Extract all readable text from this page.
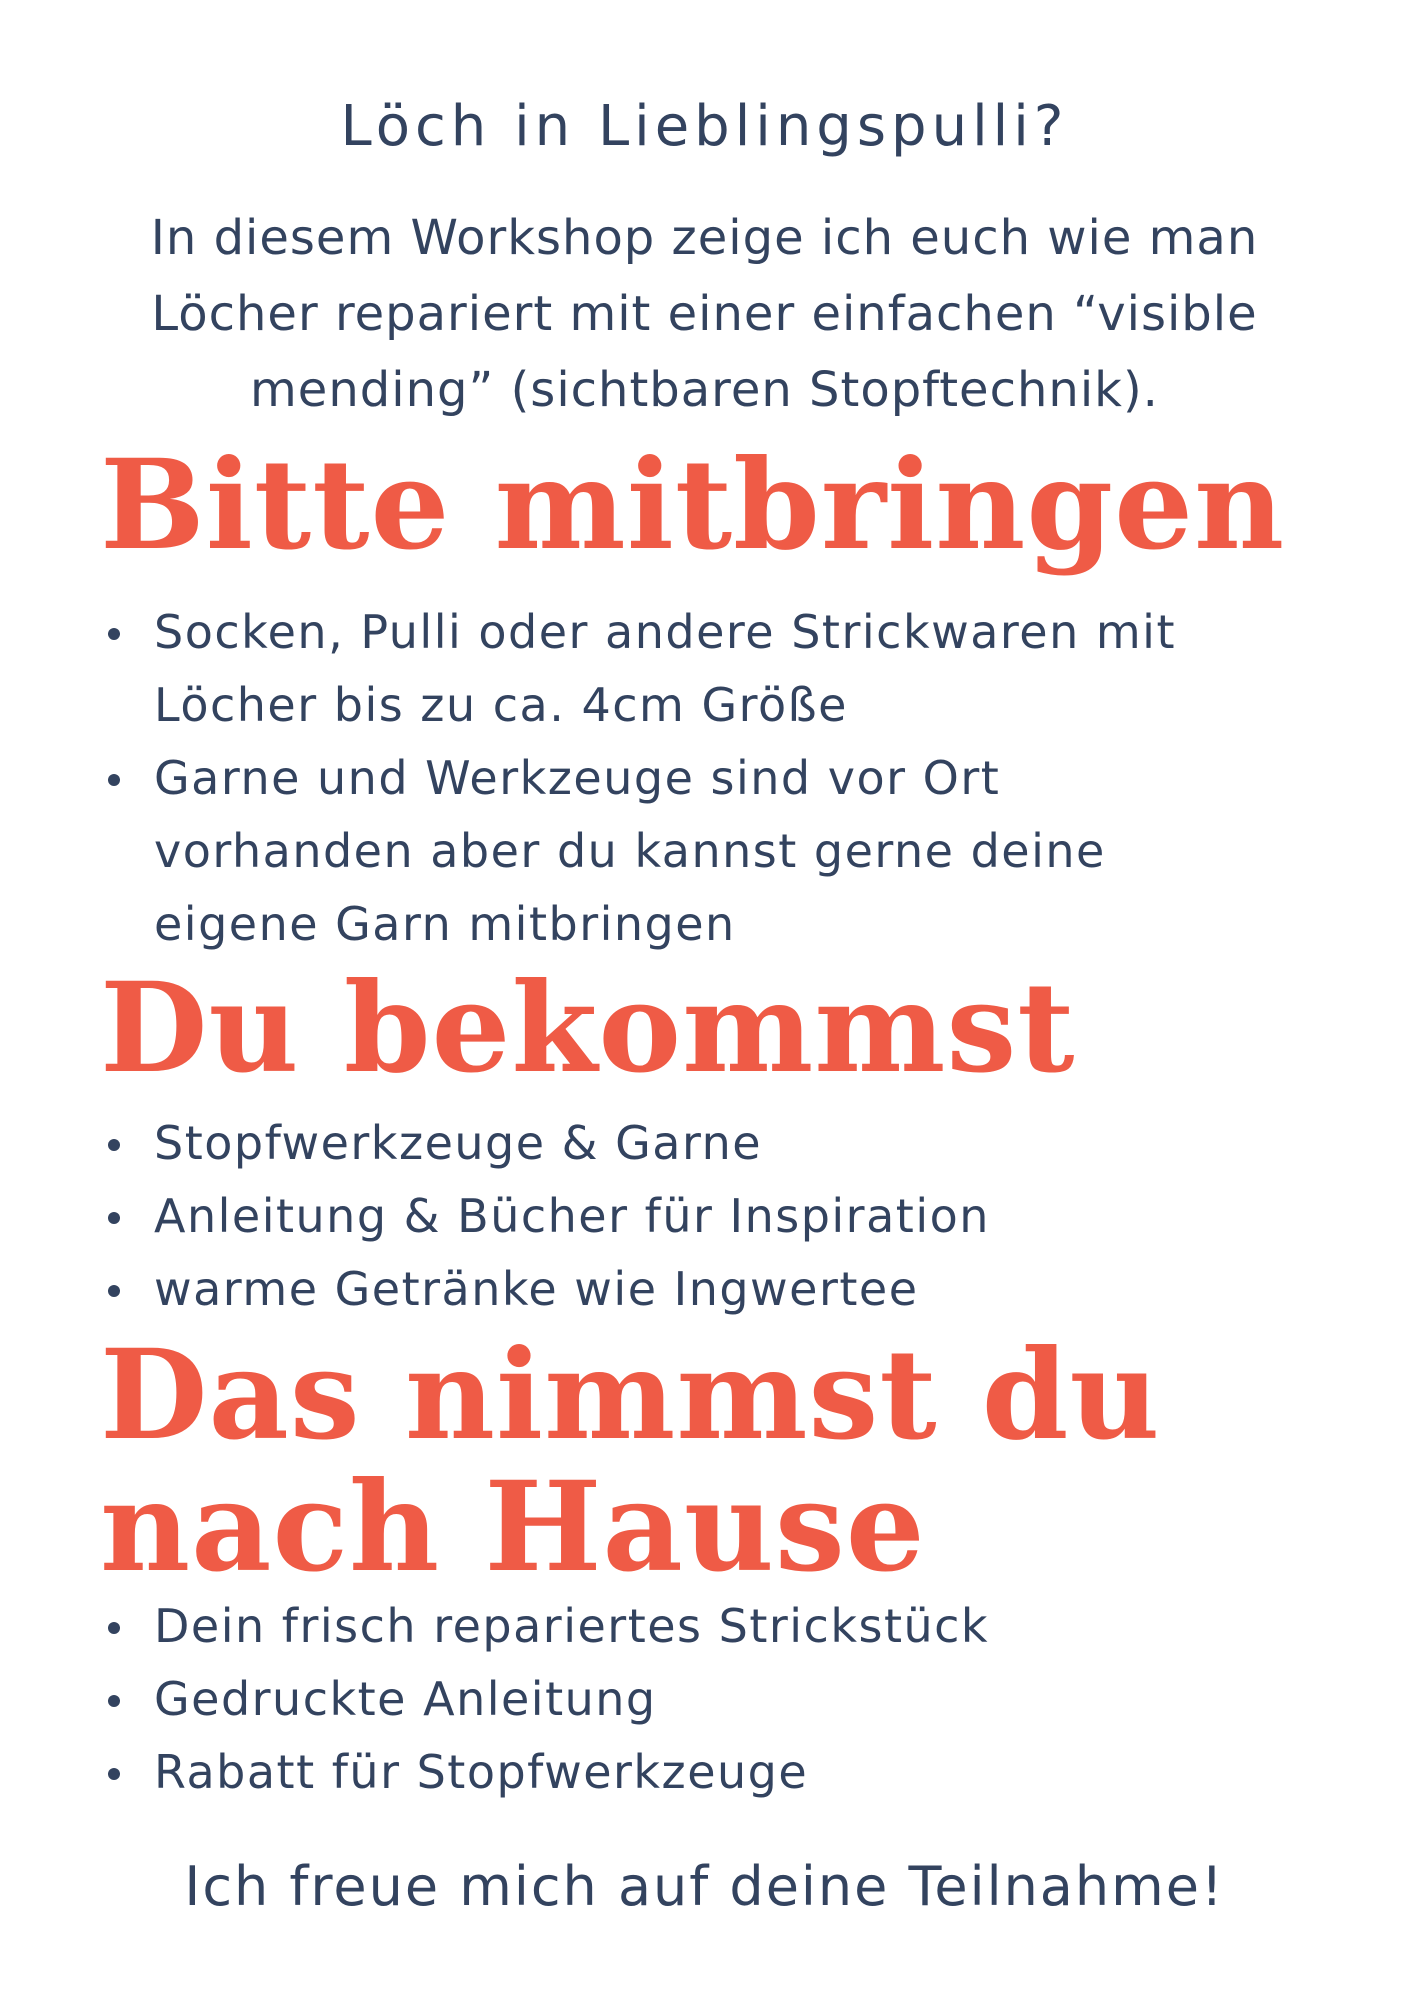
Löch in Lieblingspulli?
In diesem Workshop zeige ich euch wie man
Löcher repariert mit einer einfachen “visible
mending” (sichtbaren Stopftechnik).
Bitte mitbringen
Socken, Pulli oder andere Strickwaren mit
Löcher bis zu ca. 4cm Größe
Garne und Werkzeuge sind vor Ort
vorhanden aber du kannst gerne deine
eigene Garn mitbringen
Du bekommst
Stopfwerkzeuge & Garne
Anleitung & Bücher für Inspiration
warme Getränke wie Ingwertee
Das nimmst du
nach Hause
Dein frisch repariertes Strickstück
Gedruckte Anleitung
Rabatt für Stopfwerkzeuge
Ich freue mich auf deine Teilnahme!
